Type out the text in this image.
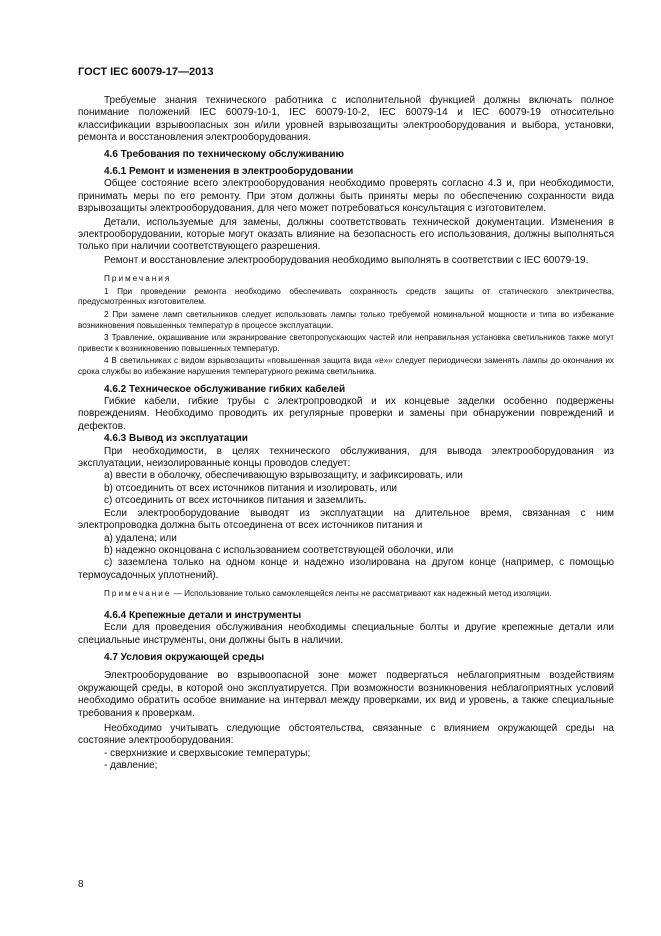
ГОСТ IEC 60079-17—2013

Требуемые знания технического работника с исполнительной функцией должны включать полное понимание положений IEC 60079-10-1, IEC 60079-10-2, IEC 60079-14 и IEC 60079-19 относительно классификации взрывоопасных зон и/или уровней взрывозащиты электрооборудования и выбора, установки, ремонта и восстановления электрооборудования.

4.6 Требования по техническому обслуживанию

4.6.1 Ремонт и изменения в электрооборудовании

Общее состояние всего электрооборудования необходимо проверять согласно 4.3 и, при необходимости, принимать меры по его ремонту. При этом должны быть приняты меры по обеспечению сохранности вида взрывозащиты электрооборудования, для чего может потребоваться консультация с изготовителем.

Детали, используемые для замены, должны соответствовать технической документации. Изменения в электрооборудовании, которые могут оказать влияние на безопасность его использования, должны выполняться только при наличии соответствующего разрешения.

Ремонт и восстановление электрооборудования необходимо выполнять в соответствии с IEC 60079-19.

Примечания

1 При проведении ремонта необходимо обеспечивать сохранность средств защиты от статического электричества, предусмотренных изготовителем.

2 При замене ламп светильников следует использовать лампы только требуемой номинальной мощности и типа во избежание возникновения повышенных температур в процессе эксплуатации.

3 Травление, окрашивание или экранирование светопропускающих частей или неправильная установка светильников также могут привести к возникновению повышенных температур.

4 В светильниках с видом взрывозащиты «повышенная защита вида «е»» следует периодически заменять лампы до окончания их срока службы во избежание нарушения температурного режима светильника.

4.6.2 Техническое обслуживание гибких кабелей

Гибкие кабели, гибкие трубы с электропроводкой и их концевые заделки особенно подвержены повреждениям. Необходимо проводить их регулярные проверки и замены при обнаружении повреждений и дефектов.

4.6.3 Вывод из эксплуатации

При необходимости, в целях технического обслуживания, для вывода электрооборудования из эксплуатации, неизолированные концы проводов следует:

a) ввести в оболочку, обеспечивающую взрывозащиту, и зафиксировать, или

b) отсоединить от всех источников питания и изолировать, или

c) отсоединить от всех источников питания и заземлить.

Если электрооборудование выводят из эксплуатации на длительное время, связанная с ним электропроводка должна быть отсоединена от всех источников питания и

a) удалена; или

b) надежно оконцована с использованием соответствующей оболочки, или

c) заземлена только на одном конце и надежно изолирована на другом конце (например, с помощью термоусадочных уплотнений).

Примечание — Использование только самоклеящейся ленты не рассматривают как надежный метод изоляции.

4.6.4 Крепежные детали и инструменты

Если для проведения обслуживания необходимы специальные болты и другие крепежные детали или специальные инструменты, они должны быть в наличии.

4.7 Условия окружающей среды

Электрооборудование во взрывоопасной зоне может подвергаться неблагоприятным воздействиям окружающей среды, в которой оно эксплуатируется. При возможности возникновения неблагоприятных условий необходимо обратить особое внимание на интервал между проверками, их вид и уровень, а также специальные требования к проверкам.

Необходимо учитывать следующие обстоятельства, связанные с влиянием окружающей среды на состояние электрооборудования:

- сверхнизкие и сверхвысокие температуры;

- давление;

8
